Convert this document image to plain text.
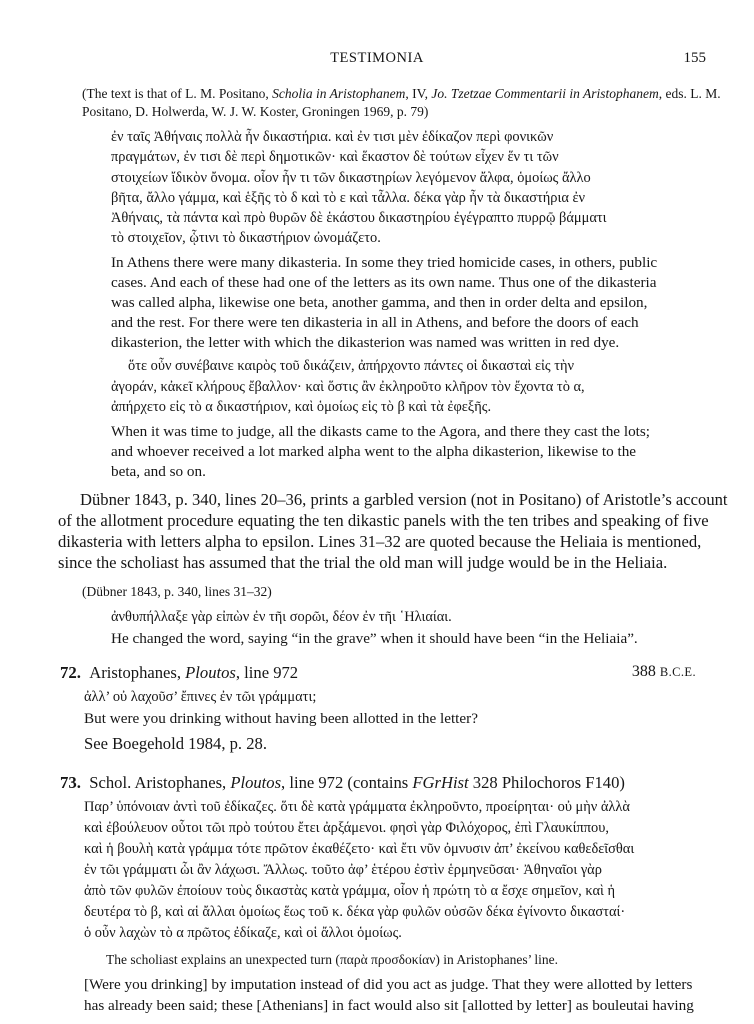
TESTIMONIA	155
(The text is that of L. M. Positano, Scholia in Aristophanem, IV, Jo. Tzetzae Commentarii in Aristophanem, eds. L. M.
Positano, D. Holwerda, W. J. W. Koster, Groningen 1969, p. 79)
ἐν ταῖς Ἀθήναις πολλὰ ἦν δικαστήρια. καὶ ἐν τισι μὲν ἐδίκαζον περὶ φονικῶν
πραγμάτων, ἐν τισι δὲ περὶ δημοτικῶν· καὶ ἕκαστον δὲ τούτων εἶχεν ἕν τι τῶν
στοιχείων ἴδικὸν ὄνομα. οἷον ἦν τι τῶν δικαστηρίων λεγόμενον ἄλφα, ὁμοίως ἄλλο
βῆτα, ἄλλο γάμμα, καὶ ἑξῆς τὸ δ καὶ τὸ ε καὶ τἆλλα. δέκα γὰρ ἦν τὰ δικαστήρια ἐν
Ἀθήναις, τὰ πάντα καὶ πρὸ θυρῶν δὲ ἑκάστου δικαστηρίου ἐγέγραπτο πυρρῷ βάμματι
τὸ στοιχεῖον, ᾧτινι τὸ δικαστήριον ὠνομάζετο.
In Athens there were many dikasteria. In some they tried homicide cases, in others, public
cases. And each of these had one of the letters as its own name. Thus one of the dikasteria
was called alpha, likewise one beta, another gamma, and then in order delta and epsilon,
and the rest. For there were ten dikasteria in all in Athens, and before the doors of each
dikasterion, the letter with which the dikasterion was named was written in red dye.
ὅτε οὖν συνέβαινε καιρὸς τοῦ δικάζειν, ἀπήρχοντο πάντες οἱ δικασταὶ εἰς τὴν
ἀγοράν, κἀκεῖ κλήρους ἔβαλλον· καὶ ὅστις ἂν ἐκληροῦτο κλῆρον τὸν ἔχοντα τὸ α,
ἀπήρχετο εἰς τὸ α δικαστήριον, καὶ ὁμοίως εἰς τὸ β καὶ τὰ ἐφεξῆς.
When it was time to judge, all the dikasts came to the Agora, and there they cast the lots;
and whoever received a lot marked alpha went to the alpha dikasterion, likewise to the
beta, and so on.
Dübner 1843, p. 340, lines 20–36, prints a garbled version (not in Positano) of Aristotle’s account
of the allotment procedure equating the ten dikastic panels with the ten tribes and speaking of five
dikasteria with letters alpha to epsilon. Lines 31–32 are quoted because the Heliaia is mentioned,
since the scholiast has assumed that the trial the old man will judge would be in the Heliaia.
(Dübner 1843, p. 340, lines 31–32)
ἀνθυπήλλαξε γὰρ εἰπὼν ἐν τῆι σορῶι, δέον ἐν τῆι ῾Ηλιαίαι.
He changed the word, saying “in the grave” when it should have been “in the Heliaia”.
72. Aristophanes, Ploutos, line 972	388 B.C.E.
ἀλλ’ οὐ λαχοῦσ’ ἔπινες ἐν τῶι γράμματι;
But were you drinking without having been allotted in the letter?
See Boegehold 1984, p. 28.
73. Schol. Aristophanes, Ploutos, line 972 (contains FGrHist 328 Philochoros F140)
Παρ’ ὑπόνοιαν ἀντὶ τοῦ ἐδίκαζες. ὅτι δὲ κατὰ γράμματα ἐκληροῦντο, προείρηται· οὐ μὴν ἀλλὰ
καὶ ἐβούλευον οὗτοι τῶι πρὸ τούτου ἔτει ἀρξάμενοι. φησὶ γὰρ Φιλόχορος, ἐπὶ Γλαυκίππου,
καὶ ἡ βουλὴ κατὰ γράμμα τότε πρῶτον ἐκαθέζετο· καὶ ἔτι νῦν ὀμνυσιν ἀπ’ ἐκείνου καθεδεῖσθαι
ἐν τῶι γράμματι ὧι ἂν λάχωσι. Ἄλλως. τοῦτο ἀφ’ ἑτέρου ἐστὶν ἑρμηνεῦσαι· Ἀθηναῖοι γὰρ
ἀπὸ τῶν φυλῶν ἐποίουν τοὺς δικαστὰς κατὰ γράμμα, οἷον ἡ πρώτη τὸ α ἔσχε σημεῖον, καὶ ἡ
δευτέρα τὸ β, καὶ αἱ ἄλλαι ὁμοίως ἕως τοῦ κ. δέκα γὰρ φυλῶν οὐσῶν δέκα ἐγίνοντο δικασταί·
ὁ οὖν λαχὼν τὸ α πρῶτος ἐδίκαζε, καὶ οἱ ἄλλοι ὁμοίως.
The scholiast explains an unexpected turn (παρὰ προσδοκίαν) in Aristophanes’ line.
[Were you drinking] by imputation instead of did you act as judge. That they were allotted by letters
has already been said; these [Athenians] in fact would also sit [allotted by letter] as bouleutai having
